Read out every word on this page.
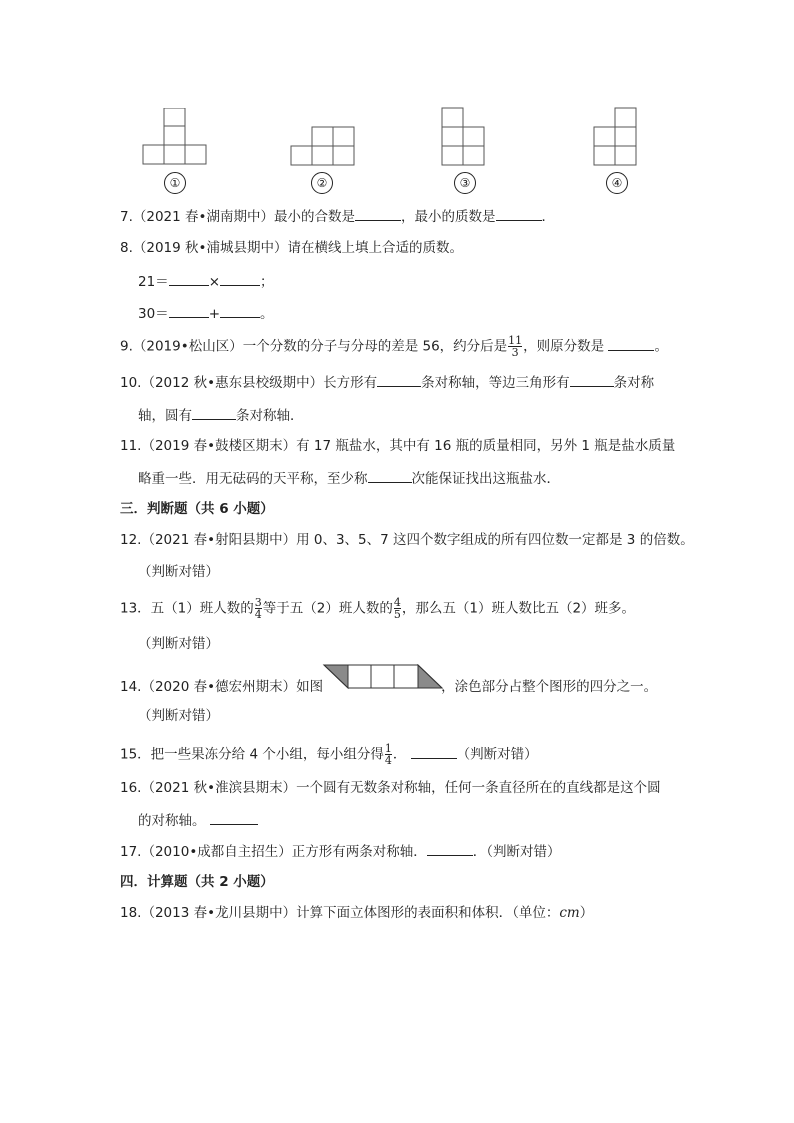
①	②	③	④
7.（2021 春•湖南期中）最小的合数是	，最小的质数是	．
8.（2019 秋•浦城县期中）请在横线上填上合适的质数。
21＝	×	；
30＝	+	。
9.（2019•松山区）一个分数的分子与分母的差是 56，约分后是 $\frac{11}{3}$ ，则原分数是	。
10.（2012 秋•惠东县校级期中）长方形有	条对称轴，等边三角形有	条对称
轴，圆有	条对称轴．
11.（2019 春•鼓楼区期末）有 17 瓶盐水，其中有 16 瓶的质量相同，另外 1 瓶是盐水质量
略重一些．用无砝码的天平称，至少称	次能保证找出这瓶盐水．
三．判断题（共 6 小题）
12.（2021 春•射阳县期中）用 0、3、5、7 这四个数字组成的所有四位数一定都是 3 的倍数。
（判断对错）
13．五（1）班人数的 $\frac{3}{4}$ 等于五（2）班人数的 $\frac{4}{5}$ ，那么五（1）班人数比五（2）班多。
（判断对错）
14.（2020 春•德宏州期末）如图	，涂色部分占整个图形的四分之一。
（判断对错）
15．把一些果冻分给 4 个小组，每小组分得 $\frac{1}{4}$ ．	（判断对错）
16.（2021 秋•淮滨县期末）一个圆有无数条对称轴，任何一条直径所在的直线都是这个圆
的对称轴。
17.（2010•成都自主招生）正方形有两条对称轴．	．（判断对错）
四．计算题（共 2 小题）
18.（2013 春•龙川县期中）计算下面立体图形的表面积和体积．（单位：cm）
